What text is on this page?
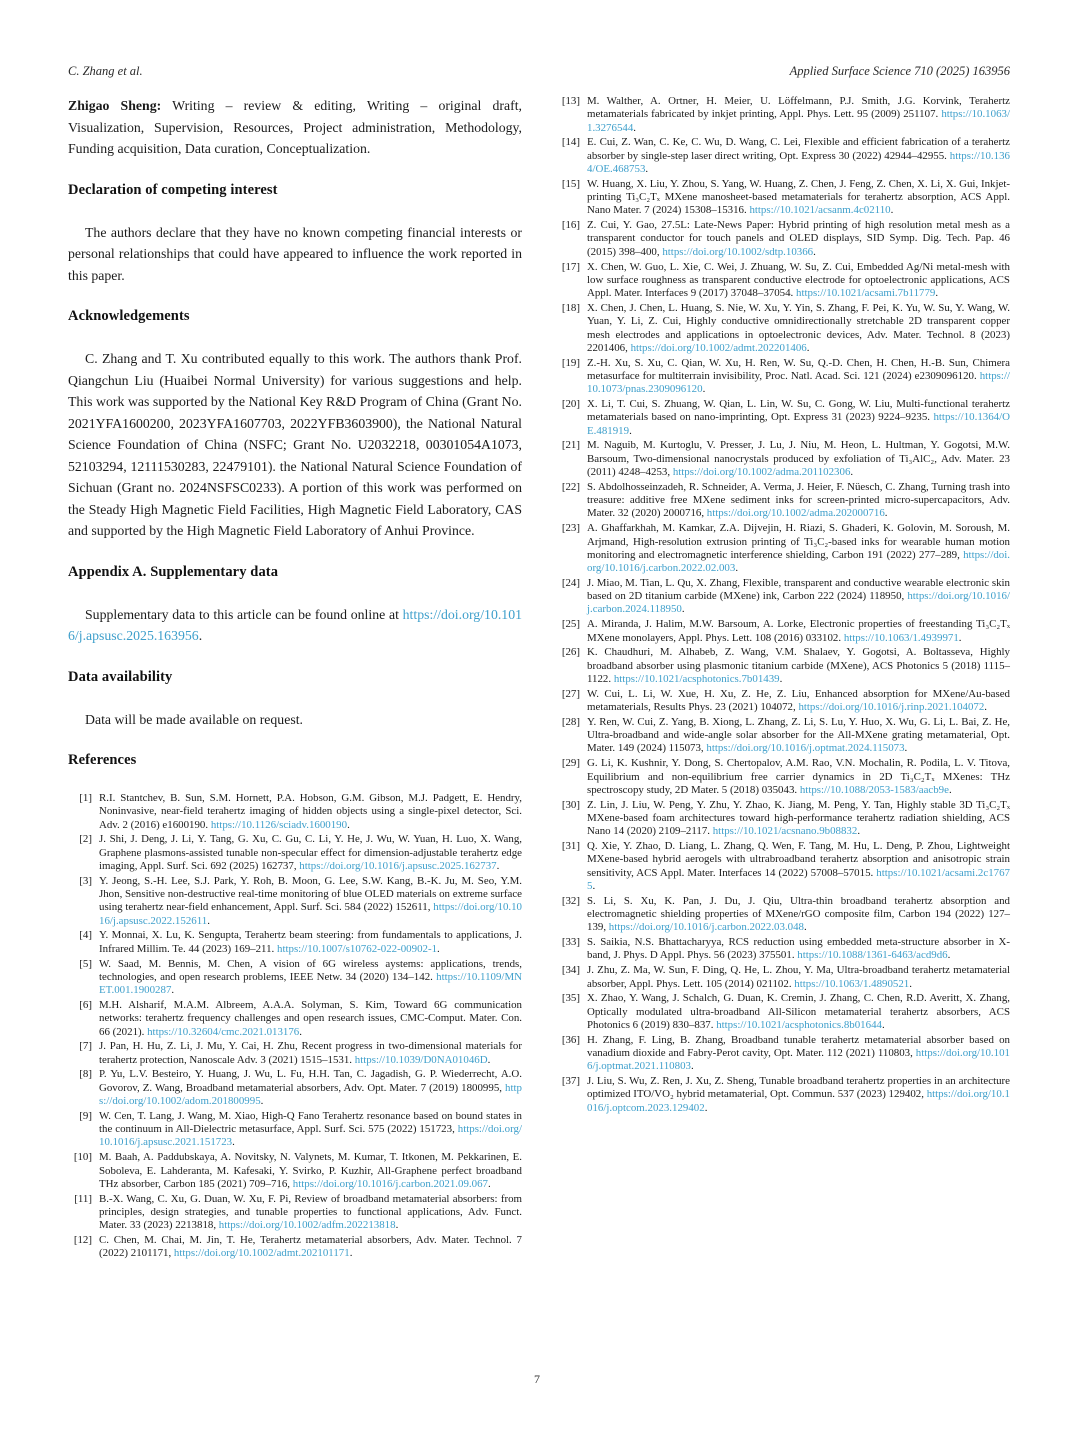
C. Zhang et al.	Applied Surface Science 710 (2025) 163956

Zhigao Sheng: Writing – review & editing, Writing – original draft, Visualization, Supervision, Resources, Project administration, Methodology, Funding acquisition, Data curation, Conceptualization.

Declaration of competing interest

The authors declare that they have no known competing financial interests or personal relationships that could have appeared to influence the work reported in this paper.

Acknowledgements

C. Zhang and T. Xu contributed equally to this work. The authors thank Prof. Qiangchun Liu (Huaibei Normal University) for various suggestions and help. This work was supported by the National Key R&D Program of China (Grant No. 2021YFA1600200, 2023YFA1607703, 2022YFB3603900), the National Natural Science Foundation of China (NSFC; Grant No. U2032218, 00301054A1073, 52103294, 12111530283, 22479101). the National Natural Science Foundation of Sichuan (Grant no. 2024NSFSC0233). A portion of this work was performed on the Steady High Magnetic Field Facilities, High Magnetic Field Laboratory, CAS and supported by the High Magnetic Field Laboratory of Anhui Province.

Appendix A. Supplementary data

Supplementary data to this article can be found online at https://doi.org/10.1016/j.apsusc.2025.163956.

Data availability

Data will be made available on request.

References
[1] R.I. Stantchev, B. Sun, S.M. Hornett, P.A. Hobson, G.M. Gibson, M.J. Padgett, E. Hendry, Noninvasive, near-field terahertz imaging of hidden objects using a single-pixel detector, Sci. Adv. 2 (2016) e1600190. https://10.1126/sciadv.1600190.
[2] J. Shi, J. Deng, J. Li, Y. Tang, G. Xu, C. Gu, C. Li, Y. He, J. Wu, W. Yuan, H. Luo, X. Wang, Graphene plasmons-assisted tunable non-specular effect for dimension-adjustable terahertz edge imaging, Appl. Surf. Sci. 692 (2025) 162737, https://doi.org/10.1016/j.apsusc.2025.162737.
[3] Y. Jeong, S.-H. Lee, S.J. Park, Y. Roh, B. Moon, G. Lee, S.W. Kang, B.-K. Ju, M. Seo, Y.M. Jhon, Sensitive non-destructive real-time monitoring of blue OLED materials on extreme surface using terahertz near-field enhancement, Appl. Surf. Sci. 584 (2022) 152611, https://doi.org/10.1016/j.apsusc.2022.152611.
[4] Y. Monnai, X. Lu, K. Sengupta, Terahertz beam steering: from fundamentals to applications, J. Infrared Millim. Te. 44 (2023) 169–211. https://10.1007/s10762-022-00902-1.
[5] W. Saad, M. Bennis, M. Chen, A vision of 6G wireless aystems: applications, trends, technologies, and open research problems, IEEE Netw. 34 (2020) 134–142. https://10.1109/MNET.001.1900287.
[6] M.H. Alsharif, M.A.M. Albreem, A.A.A. Solyman, S. Kim, Toward 6G communication networks: terahertz frequency challenges and open research issues, CMC-Comput. Mater. Con. 66 (2021). https://10.32604/cmc.2021.013176.
[7] J. Pan, H. Hu, Z. Li, J. Mu, Y. Cai, H. Zhu, Recent progress in two-dimensional materials for terahertz protection, Nanoscale Adv. 3 (2021) 1515–1531. https://10.1039/D0NA01046D.
[8] P. Yu, L.V. Besteiro, Y. Huang, J. Wu, L. Fu, H.H. Tan, C. Jagadish, G. P. Wiederrecht, A.O. Govorov, Z. Wang, Broadband metamaterial absorbers, Adv. Opt. Mater. 7 (2019) 1800995, https://doi.org/10.1002/adom.201800995.
[9] W. Cen, T. Lang, J. Wang, M. Xiao, High-Q Fano Terahertz resonance based on bound states in the continuum in All-Dielectric metasurface, Appl. Surf. Sci. 575 (2022) 151723, https://doi.org/10.1016/j.apsusc.2021.151723.
[10] M. Baah, A. Paddubskaya, A. Novitsky, N. Valynets, M. Kumar, T. Itkonen, M. Pekkarinen, E. Soboleva, E. Lahderanta, M. Kafesaki, Y. Svirko, P. Kuzhir, All-Graphene perfect broadband THz absorber, Carbon 185 (2021) 709–716, https://doi.org/10.1016/j.carbon.2021.09.067.
[11] B.-X. Wang, C. Xu, G. Duan, W. Xu, F. Pi, Review of broadband metamaterial absorbers: from principles, design strategies, and tunable properties to functional applications, Adv. Funct. Mater. 33 (2023) 2213818, https://doi.org/10.1002/adfm.202213818.
[12] C. Chen, M. Chai, M. Jin, T. He, Terahertz metamaterial absorbers, Adv. Mater. Technol. 7 (2022) 2101171, https://doi.org/10.1002/admt.202101171.
[13] M. Walther, A. Ortner, H. Meier, U. Löffelmann, P.J. Smith, J.G. Korvink, Terahertz metamaterials fabricated by inkjet printing, Appl. Phys. Lett. 95 (2009) 251107. https://10.1063/1.3276544.
[14] E. Cui, Z. Wan, C. Ke, C. Wu, D. Wang, C. Lei, Flexible and efficient fabrication of a terahertz absorber by single-step laser direct writing, Opt. Express 30 (2022) 42944–42955. https://10.1364/OE.468753.
[15] W. Huang, X. Liu, Y. Zhou, S. Yang, W. Huang, Z. Chen, J. Feng, Z. Chen, X. Li, X. Gui, Inkjet-printing Ti₃C₂Tₓ MXene manosheet-based metamaterials for terahertz absorption, ACS Appl. Nano Mater. 7 (2024) 15308–15316. https://10.1021/acsanm.4c02110.
[16] Z. Cui, Y. Gao, 27.5L: Late-News Paper: Hybrid printing of high resolution metal mesh as a transparent conductor for touch panels and OLED displays, SID Symp. Dig. Tech. Pap. 46 (2015) 398–400, https://doi.org/10.1002/sdtp.10366.
[17] X. Chen, W. Guo, L. Xie, C. Wei, J. Zhuang, W. Su, Z. Cui, Embedded Ag/Ni metal-mesh with low surface roughness as transparent conductive electrode for optoelectronic applications, ACS Appl. Mater. Interfaces 9 (2017) 37048–37054. https://10.1021/acsami.7b11779.
[18] X. Chen, J. Chen, L. Huang, S. Nie, W. Xu, Y. Yin, S. Zhang, F. Pei, K. Yu, W. Su, Y. Wang, W. Yuan, Y. Li, Z. Cui, Highly conductive omnidirectionally stretchable 2D transparent copper mesh electrodes and applications in optoelectronic devices, Adv. Mater. Technol. 8 (2023) 2201406, https://doi.org/10.1002/admt.202201406.
[19] Z.-H. Xu, S. Xu, C. Qian, W. Xu, H. Ren, W. Su, Q.-D. Chen, H. Chen, H.-B. Sun, Chimera metasurface for multiterrain invisibility, Proc. Natl. Acad. Sci. 121 (2024) e2309096120. https://10.1073/pnas.2309096120.
[20] X. Li, T. Cui, S. Zhuang, W. Qian, L. Lin, W. Su, C. Gong, W. Liu, Multi-functional terahertz metamaterials based on nano-imprinting, Opt. Express 31 (2023) 9224–9235. https://10.1364/OE.481919.
[21] M. Naguib, M. Kurtoglu, V. Presser, J. Lu, J. Niu, M. Heon, L. Hultman, Y. Gogotsi, M.W. Barsoum, Two-dimensional nanocrystals produced by exfoliation of Ti₃AlC₂, Adv. Mater. 23 (2011) 4248–4253, https://doi.org/10.1002/adma.201102306.
[22] S. Abdolhosseinzadeh, R. Schneider, A. Verma, J. Heier, F. Nüesch, C. Zhang, Turning trash into treasure: additive free MXene sediment inks for screen-printed micro-supercapacitors, Adv. Mater. 32 (2020) 2000716, https://doi.org/10.1002/adma.202000716.
[23] A. Ghaffarkhah, M. Kamkar, Z.A. Dijvejin, H. Riazi, S. Ghaderi, K. Golovin, M. Soroush, M. Arjmand, High-resolution extrusion printing of Ti₃C₂-based inks for wearable human motion monitoring and electromagnetic interference shielding, Carbon 191 (2022) 277–289, https://doi.org/10.1016/j.carbon.2022.02.003.
[24] J. Miao, M. Tian, L. Qu, X. Zhang, Flexible, transparent and conductive wearable electronic skin based on 2D titanium carbide (MXene) ink, Carbon 222 (2024) 118950, https://doi.org/10.1016/j.carbon.2024.118950.
[25] A. Miranda, J. Halim, M.W. Barsoum, A. Lorke, Electronic properties of freestanding Ti₃C₂Tₓ MXene monolayers, Appl. Phys. Lett. 108 (2016) 033102. https://10.1063/1.4939971.
[26] K. Chaudhuri, M. Alhabeb, Z. Wang, V.M. Shalaev, Y. Gogotsi, A. Boltasseva, Highly broadband absorber using plasmonic titanium carbide (MXene), ACS Photonics 5 (2018) 1115–1122. https://10.1021/acsphotonics.7b01439.
[27] W. Cui, L. Li, W. Xue, H. Xu, Z. He, Z. Liu, Enhanced absorption for MXene/Au-based metamaterials, Results Phys. 23 (2021) 104072, https://doi.org/10.1016/j.rinp.2021.104072.
[28] Y. Ren, W. Cui, Z. Yang, B. Xiong, L. Zhang, Z. Li, S. Lu, Y. Huo, X. Wu, G. Li, L. Bai, Z. He, Ultra-broadband and wide-angle solar absorber for the All-MXene grating metamaterial, Opt. Mater. 149 (2024) 115073, https://doi.org/10.1016/j.optmat.2024.115073.
[29] G. Li, K. Kushnir, Y. Dong, S. Chertopalov, A.M. Rao, V.N. Mochalin, R. Podila, L. V. Titova, Equilibrium and non-equilibrium free carrier dynamics in 2D Ti₃C₂Tₓ MXenes: THz spectroscopy study, 2D Mater. 5 (2018) 035043. https://10.1088/2053-1583/aacb9e.
[30] Z. Lin, J. Liu, W. Peng, Y. Zhu, Y. Zhao, K. Jiang, M. Peng, Y. Tan, Highly stable 3D Ti₃C₂Tₓ MXene-based foam architectures toward high-performance terahertz radiation shielding, ACS Nano 14 (2020) 2109–2117. https://10.1021/acsnano.9b08832.
[31] Q. Xie, Y. Zhao, D. Liang, L. Zhang, Q. Wen, F. Tang, M. Hu, L. Deng, P. Zhou, Lightweight MXene-based hybrid aerogels with ultrabroadband terahertz absorption and anisotropic strain sensitivity, ACS Appl. Mater. Interfaces 14 (2022) 57008–57015. https://10.1021/acsami.2c17675.
[32] S. Li, S. Xu, K. Pan, J. Du, J. Qiu, Ultra-thin broadband terahertz absorption and electromagnetic shielding properties of MXene/rGO composite film, Carbon 194 (2022) 127–139, https://doi.org/10.1016/j.carbon.2022.03.048.
[33] S. Saikia, N.S. Bhattacharyya, RCS reduction using embedded meta-structure absorber in X-band, J. Phys. D Appl. Phys. 56 (2023) 375501. https://10.1088/1361-6463/acd9d6.
[34] J. Zhu, Z. Ma, W. Sun, F. Ding, Q. He, L. Zhou, Y. Ma, Ultra-broadband terahertz metamaterial absorber, Appl. Phys. Lett. 105 (2014) 021102. https://10.1063/1.4890521.
[35] X. Zhao, Y. Wang, J. Schalch, G. Duan, K. Cremin, J. Zhang, C. Chen, R.D. Averitt, X. Zhang, Optically modulated ultra-broadband All-Silicon metamaterial terahertz absorbers, ACS Photonics 6 (2019) 830–837. https://10.1021/acsphotonics.8b01644.
[36] H. Zhang, F. Ling, B. Zhang, Broadband tunable terahertz metamaterial absorber based on vanadium dioxide and Fabry-Perot cavity, Opt. Mater. 112 (2021) 110803, https://doi.org/10.1016/j.optmat.2021.110803.
[37] J. Liu, S. Wu, Z. Ren, J. Xu, Z. Sheng, Tunable broadband terahertz properties in an architecture optimized ITO/VO₂ hybrid metamaterial, Opt. Commun. 537 (2023) 129402, https://doi.org/10.1016/j.optcom.2023.129402.
7
